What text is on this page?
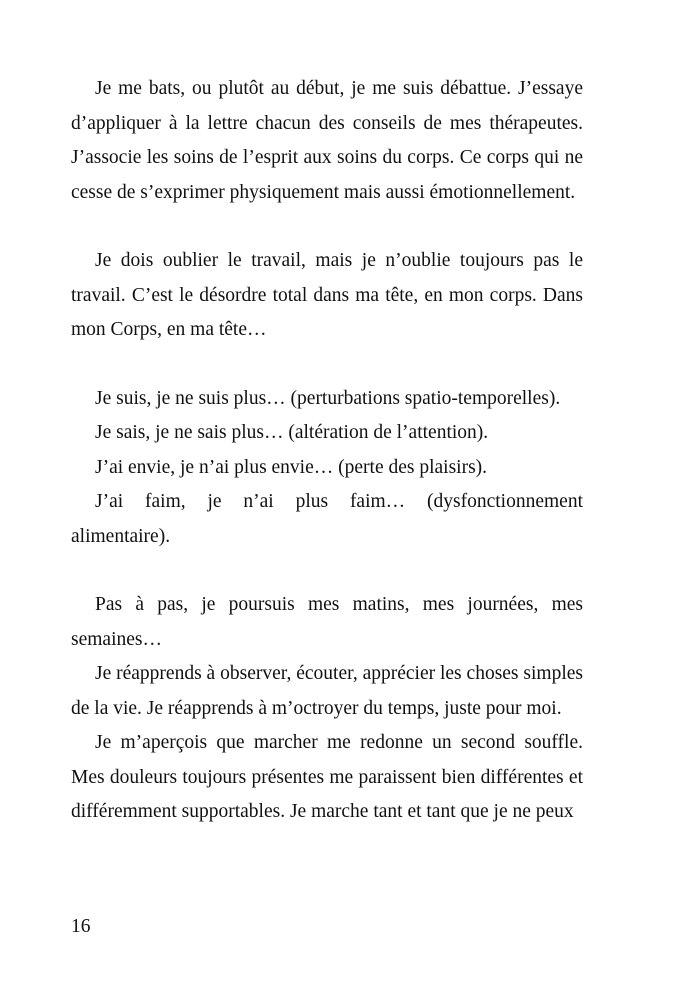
Je me bats, ou plutôt au début, je me suis débattue. J’essaye d’appliquer à la lettre chacun des conseils de mes thérapeutes. J’associe les soins de l’esprit aux soins du corps. Ce corps qui ne cesse de s’exprimer physiquement mais aussi émotionnellement.

Je dois oublier le travail, mais je n’oublie toujours pas le travail. C’est le désordre total dans ma tête, en mon corps. Dans mon Corps, en ma tête…

Je suis, je ne suis plus… (perturbations spatio-temporelles).

Je sais, je ne sais plus… (altération de l’attention).

J’ai envie, je n’ai plus envie… (perte des plaisirs).

J’ai faim, je n’ai plus faim… (dysfonctionnement alimentaire).

Pas à pas, je poursuis mes matins, mes journées, mes semaines…

Je réapprends à observer, écouter, apprécier les choses simples de la vie. Je réapprends à m’octroyer du temps, juste pour moi.

Je m’aperçois que marcher me redonne un second souffle. Mes douleurs toujours présentes me paraissent bien différentes et différemment supportables. Je marche tant et tant que je ne peux

16
